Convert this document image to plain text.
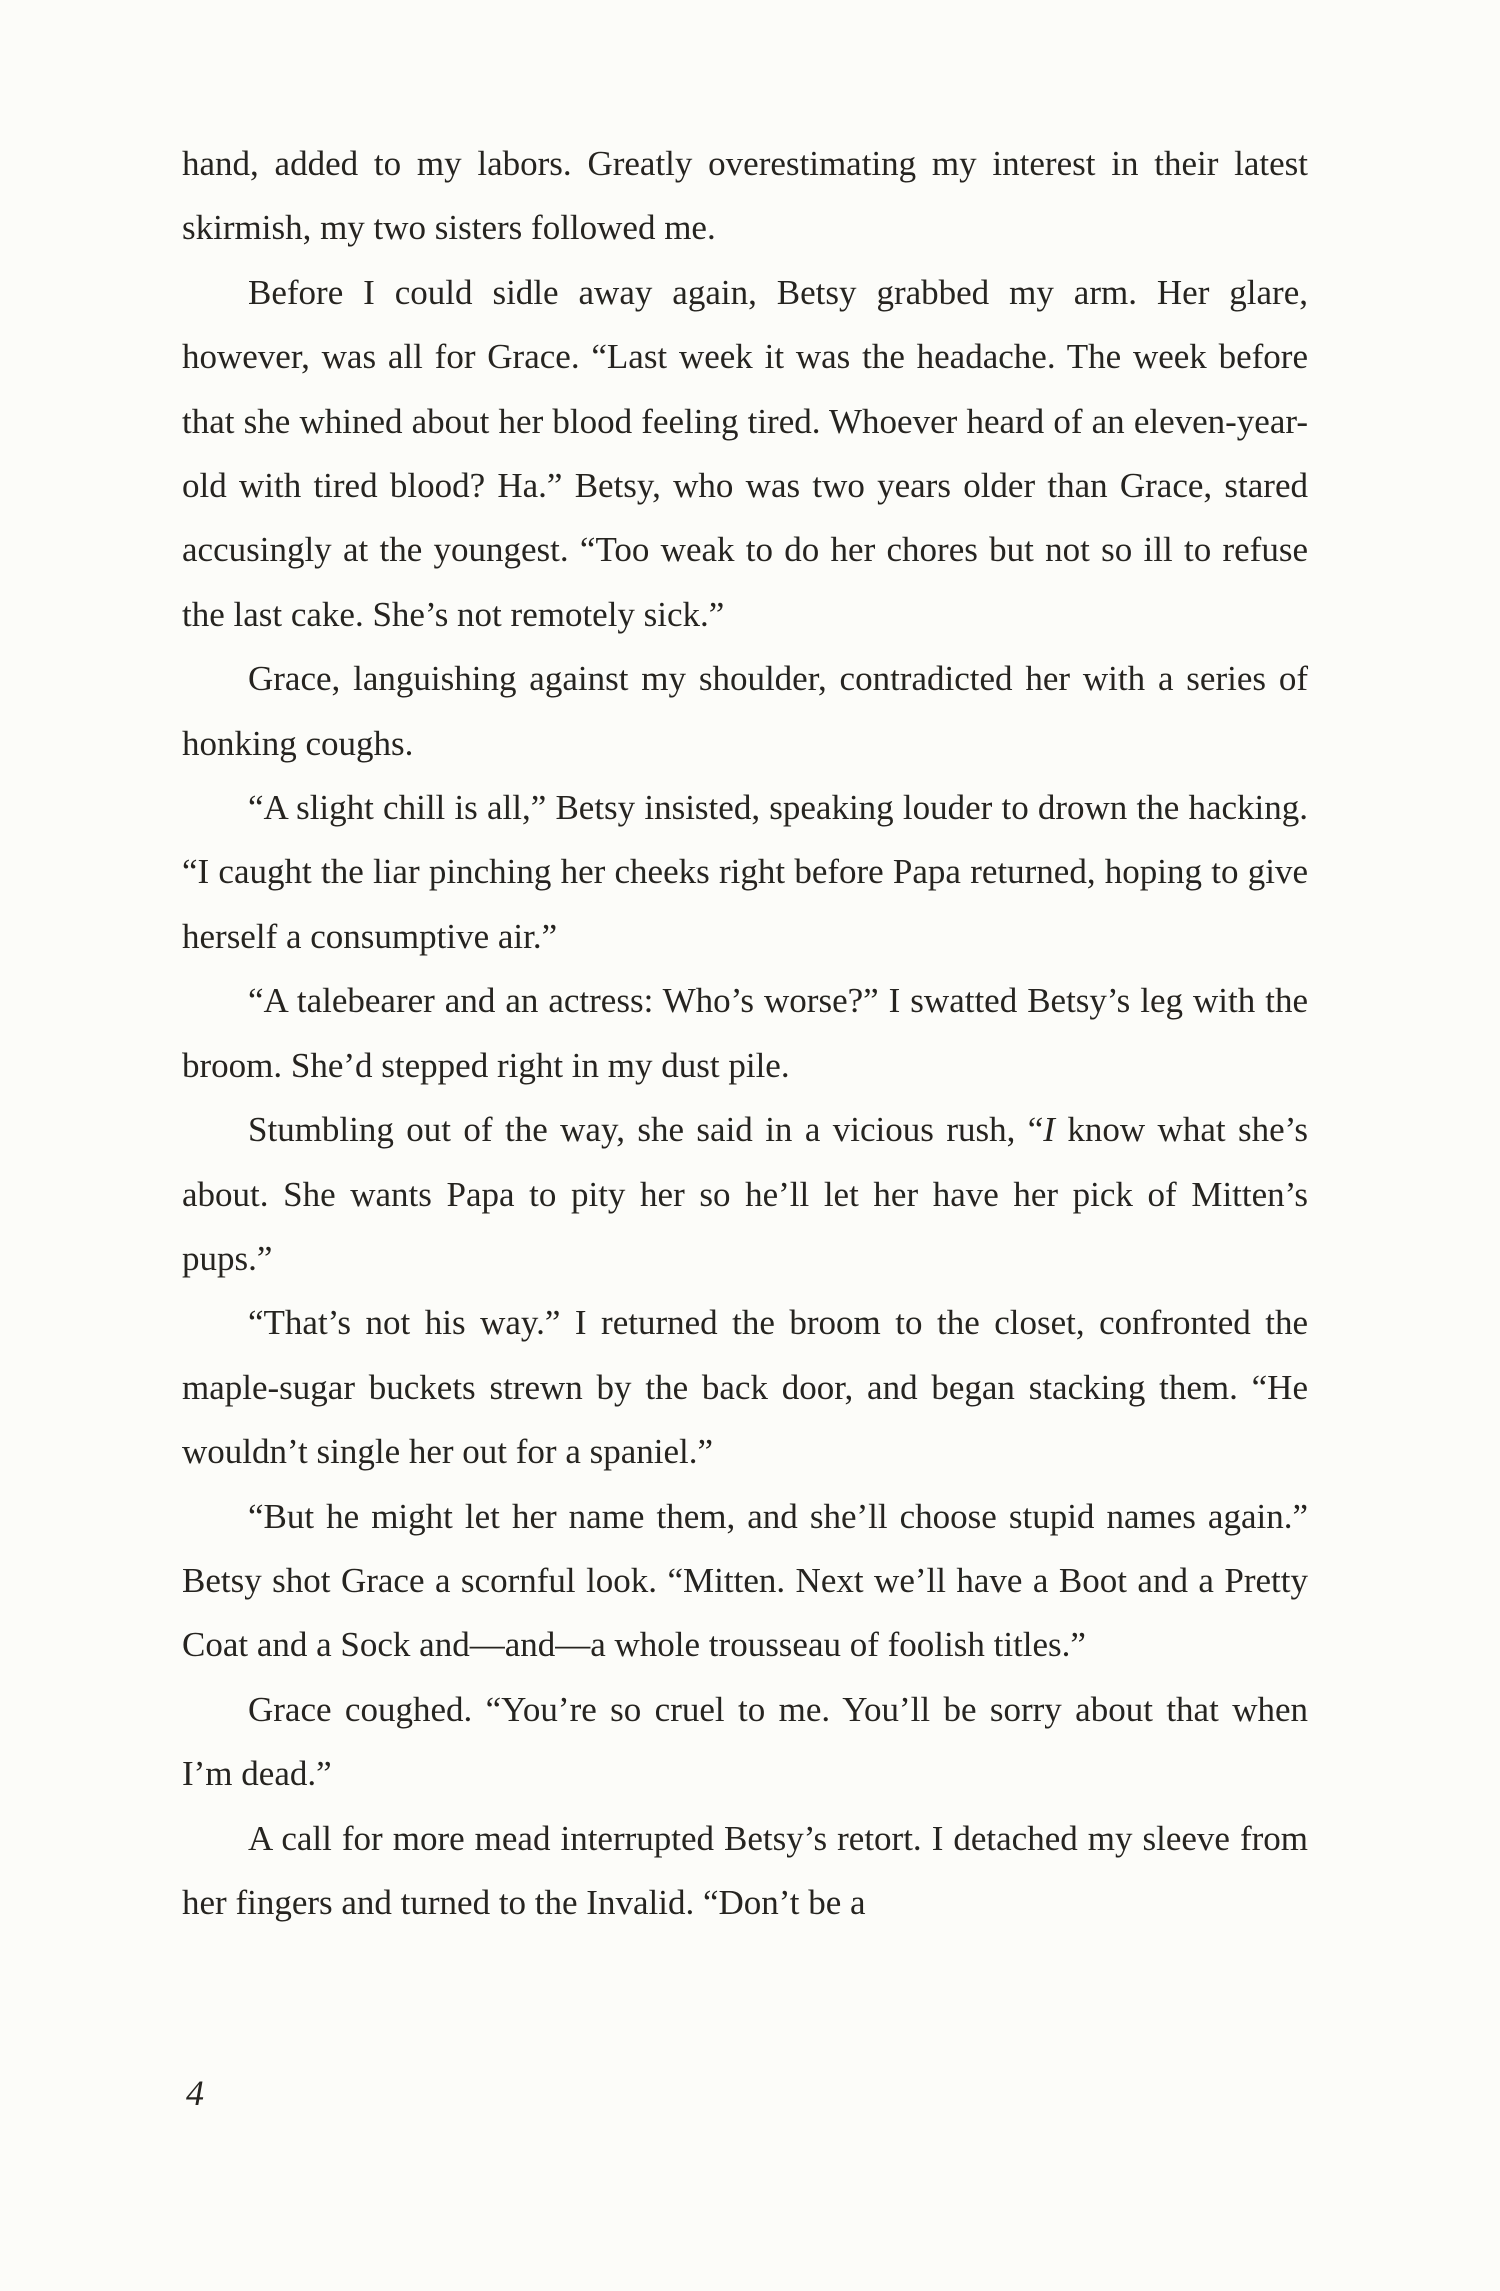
hand, added to my labors. Greatly overestimating my interest in their latest skirmish, my two sisters followed me.

Before I could sidle away again, Betsy grabbed my arm. Her glare, however, was all for Grace. “Last week it was the headache. The week before that she whined about her blood feeling tired. Whoever heard of an eleven-year-old with tired blood? Ha.” Betsy, who was two years older than Grace, stared accusingly at the youngest. “Too weak to do her chores but not so ill to refuse the last cake. She’s not remotely sick.”

Grace, languishing against my shoulder, contradicted her with a series of honking coughs.

“A slight chill is all,” Betsy insisted, speaking louder to drown the hacking. “I caught the liar pinching her cheeks right before Papa returned, hoping to give herself a consumptive air.”

“A talebearer and an actress: Who’s worse?” I swatted Betsy’s leg with the broom. She’d stepped right in my dust pile.

Stumbling out of the way, she said in a vicious rush, “I know what she’s about. She wants Papa to pity her so he’ll let her have her pick of Mitten’s pups.”

“That’s not his way.” I returned the broom to the closet, confronted the maple-sugar buckets strewn by the back door, and began stacking them. “He wouldn’t single her out for a spaniel.”

“But he might let her name them, and she’ll choose stupid names again.” Betsy shot Grace a scornful look. “Mitten. Next we’ll have a Boot and a Pretty Coat and a Sock and—and—a whole trousseau of foolish titles.”

Grace coughed. “You’re so cruel to me. You’ll be sorry about that when I’m dead.”

A call for more mead interrupted Betsy’s retort. I detached my sleeve from her fingers and turned to the Invalid. “Don’t be a

4
